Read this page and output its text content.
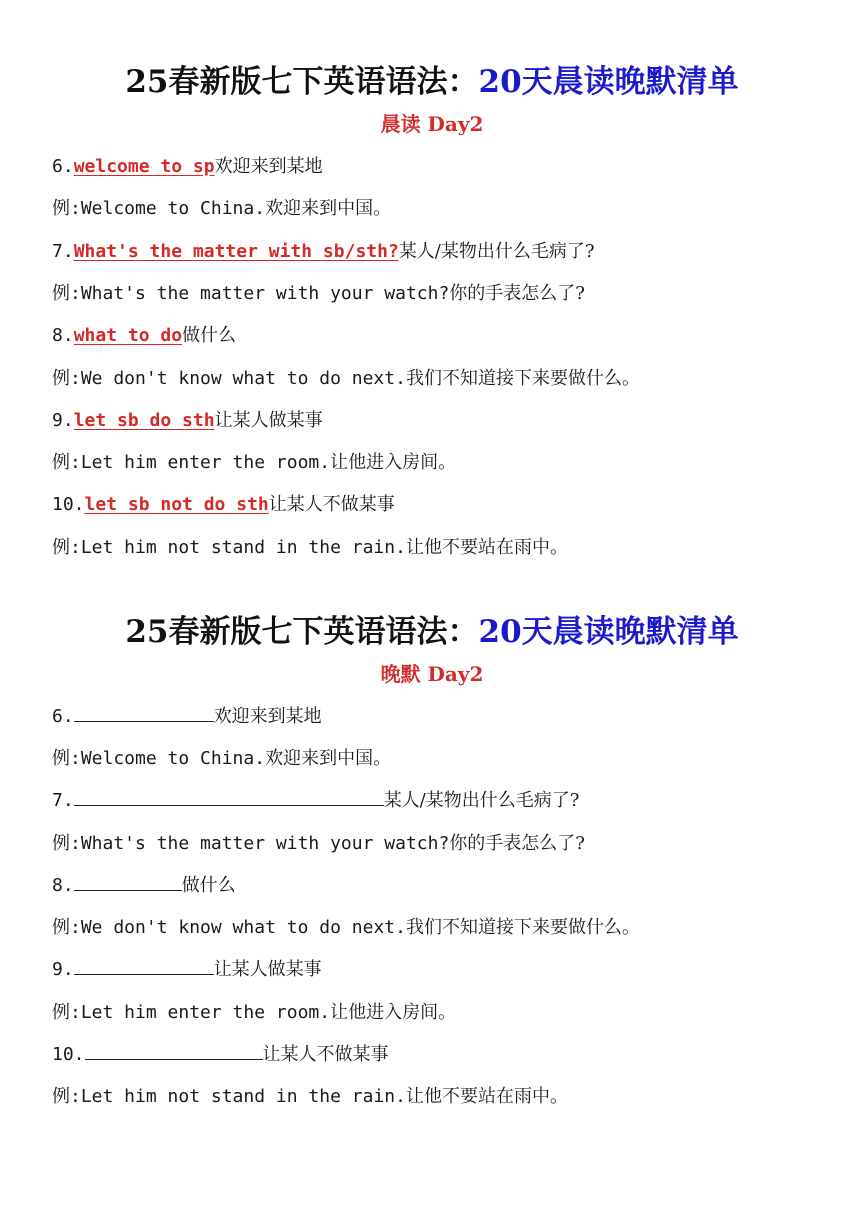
25春新版七下英语语法：20天晨读晚默清单
晨读 Day2
6.welcome to sp欢迎来到某地
例:Welcome to China.欢迎来到中国。
7.What's the matter with sb/sth?某人/某物出什么毛病了?
例:What's the matter with your watch?你的手表怎么了?
8.what to do做什么
例:We don't know what to do next.我们不知道接下来要做什么。
9.let sb do sth让某人做某事
例:Let him enter the room.让他进入房间。
10.let sb not do sth让某人不做某事
例:Let him not stand in the rain.让他不要站在雨中。
25春新版七下英语语法：20天晨读晚默清单
晚默 Day2
6.	欢迎来到某地
例:Welcome to China.欢迎来到中国。
7.	某人/某物出什么毛病了?
例:What's the matter with your watch?你的手表怎么了?
8.	做什么
例:We don't know what to do next.我们不知道接下来要做什么。
9.	让某人做某事
例:Let him enter the room.让他进入房间。
10.	让某人不做某事
例:Let him not stand in the rain.让他不要站在雨中。
